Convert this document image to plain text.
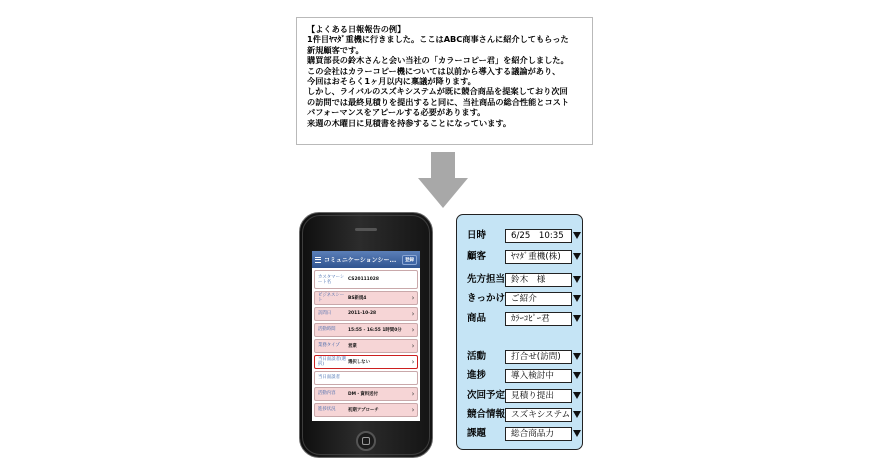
【よくある日報報告の例】
1件目ﾔﾏﾀﾞ重機に行きました。ここはABC商事さんに紹介してもらった
新規顧客です。
購買部長の鈴木さんと会い当社の「カラーコピー君」を紹介しました。
この会社はカラーコピー機については以前から導入する議論があり、
今回はおそらく1ヶ月以内に稟議が降ります。
しかし、ライバルのスズキシステムが既に競合商品を提案しており次回
の訪問では最終見積りを提出すると同に、当社商品の総合性能とコスト
パフォーマンスをアピールする必要があります。
来週の木曜日に見積書を持参することになっています。
コミュニケーションシー...	登録
カスタマーシート名	CS20111028
ビジネスシート	BS新規4	›
訪問日	2011-10-28	›
活動時間	15:55 - 16:55 1時間0分	›
業務タイプ	営業	›
当日面談者(選択)	選択しない	›
当日面談者
活動内容	DM・資料送付	›
進捗状況	初期アプローチ	›
日時	6/25　10:35
顧客	ﾔﾏﾀﾞ重機(株)
先方担当 鈴木　様
きっかけ ご紹介
商品	ｶﾗｰｺﾋﾟｰ君
活動	打合せ(訪問)
進捗	導入検討中
次回予定 見積り提出
競合情報 スズキシステム
課題	総合商品力
